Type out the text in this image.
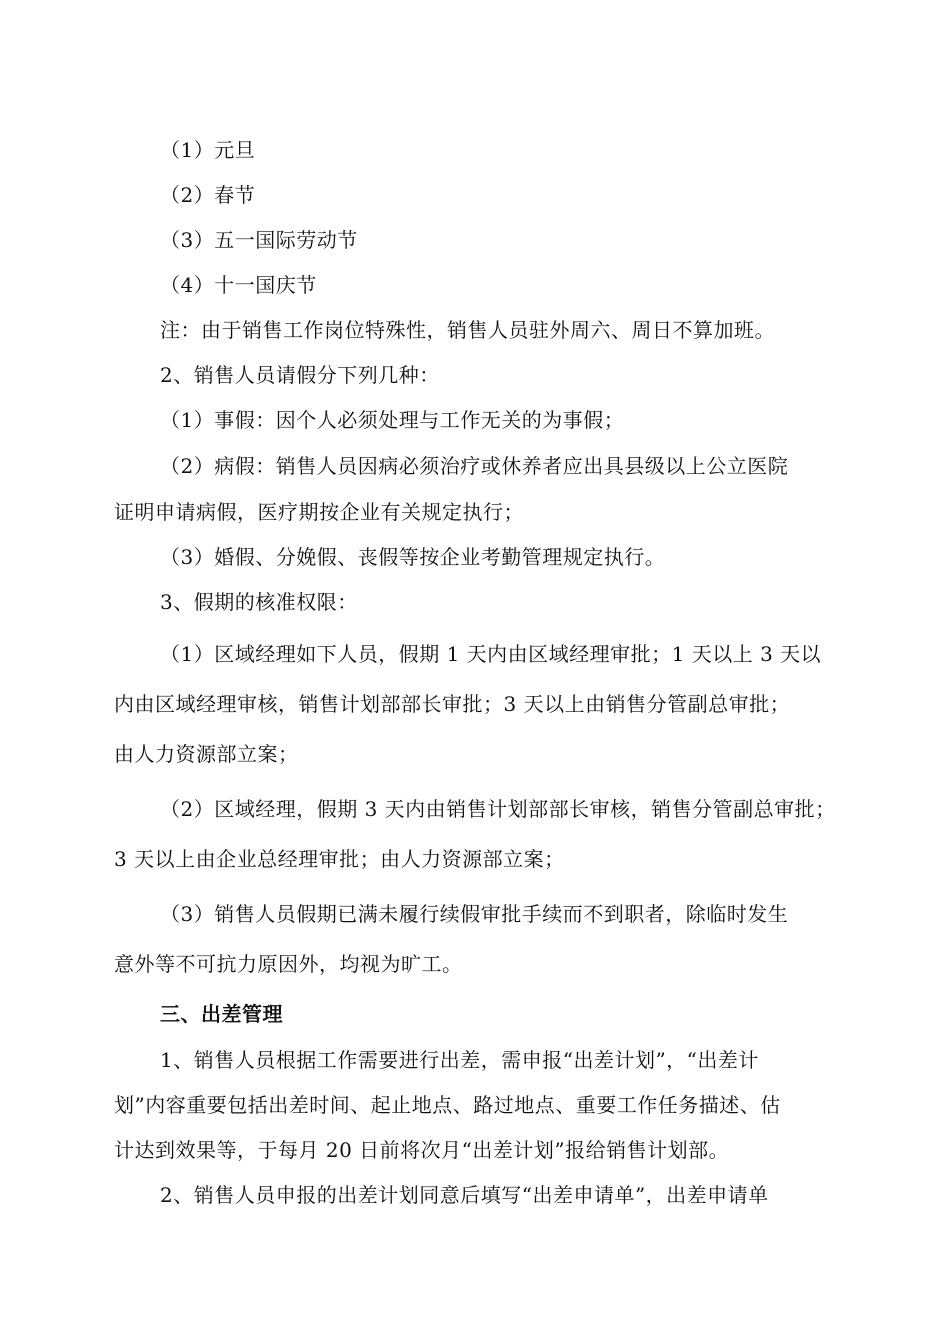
（1）元旦
（2）春节
（3）五一国际劳动节
（4）十一国庆节
注：由于销售工作岗位特殊性，销售人员驻外周六、周日不算加班。
2、销售人员请假分下列几种：
（1）事假：因个人必须处理与工作无关的为事假；
（2）病假：销售人员因病必须治疗或休养者应出具县级以上公立医院
证明申请病假，医疗期按企业有关规定执行；
（3）婚假、分娩假、丧假等按企业考勤管理规定执行。
3、假期的核准权限：
（1）区域经理如下人员，假期 1 天内由区域经理审批；1 天以上 3 天以
内由区域经理审核，销售计划部部长审批；3 天以上由销售分管副总审批；
由人力资源部立案；
（2）区域经理，假期 3 天内由销售计划部部长审核，销售分管副总审批；
3 天以上由企业总经理审批；由人力资源部立案；
（3）销售人员假期已满未履行续假审批手续而不到职者，除临时发生
意外等不可抗力原因外，均视为旷工。
三、出差管理
1、销售人员根据工作需要进行出差，需申报“出差计划”，“出差计
划”内容重要包括出差时间、起止地点、路过地点、重要工作任务描述、估
计达到效果等，于每月 20 日前将次月“出差计划”报给销售计划部。
2、销售人员申报的出差计划同意后填写“出差申请单”，出差申请单
